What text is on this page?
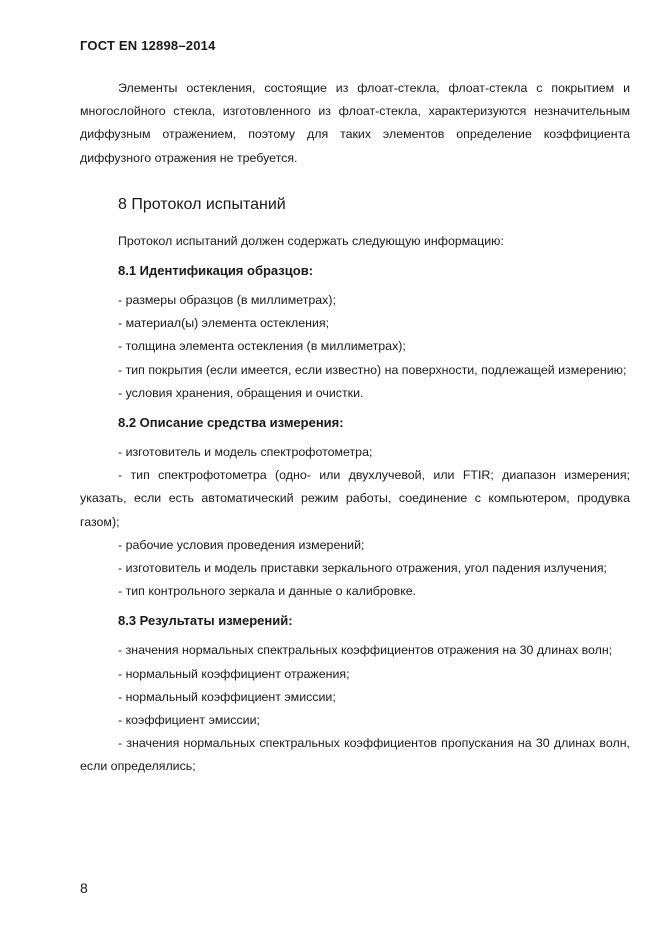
ГОСТ EN 12898–2014

Элементы остекления, состоящие из флоат-стекла, флоат-стекла с покрытием и многослойного стекла, изготовленного из флоат-стекла, характеризуются незначительным диффузным отражением, поэтому для таких элементов определение коэффициента диффузного отражения не требуется.

8 Протокол испытаний

Протокол испытаний должен содержать следующую информацию:

8.1 Идентификация образцов:

- размеры образцов (в миллиметрах);

- материал(ы) элемента остекления;

- толщина элемента остекления (в миллиметрах);

- тип покрытия (если имеется, если известно) на поверхности, подлежащей измерению;

- условия хранения, обращения и очистки.

8.2 Описание средства измерения:

- изготовитель и модель спектрофотометра;

- тип спектрофотометра (одно- или двухлучевой, или FTIR; диапазон измерения; указать, если есть автоматический режим работы, соединение с компьютером, продувка газом);

- рабочие условия проведения измерений;

- изготовитель и модель приставки зеркального отражения, угол падения излучения;

- тип контрольного зеркала и данные о калибровке.

8.3 Результаты измерений:

- значения нормальных спектральных коэффициентов отражения на 30 длинах волн;

- нормальный коэффициент отражения;

- нормальный коэффициент эмиссии;

- коэффициент эмиссии;

- значения нормальных спектральных коэффициентов пропускания на 30 длинах волн, если определялись;

8
